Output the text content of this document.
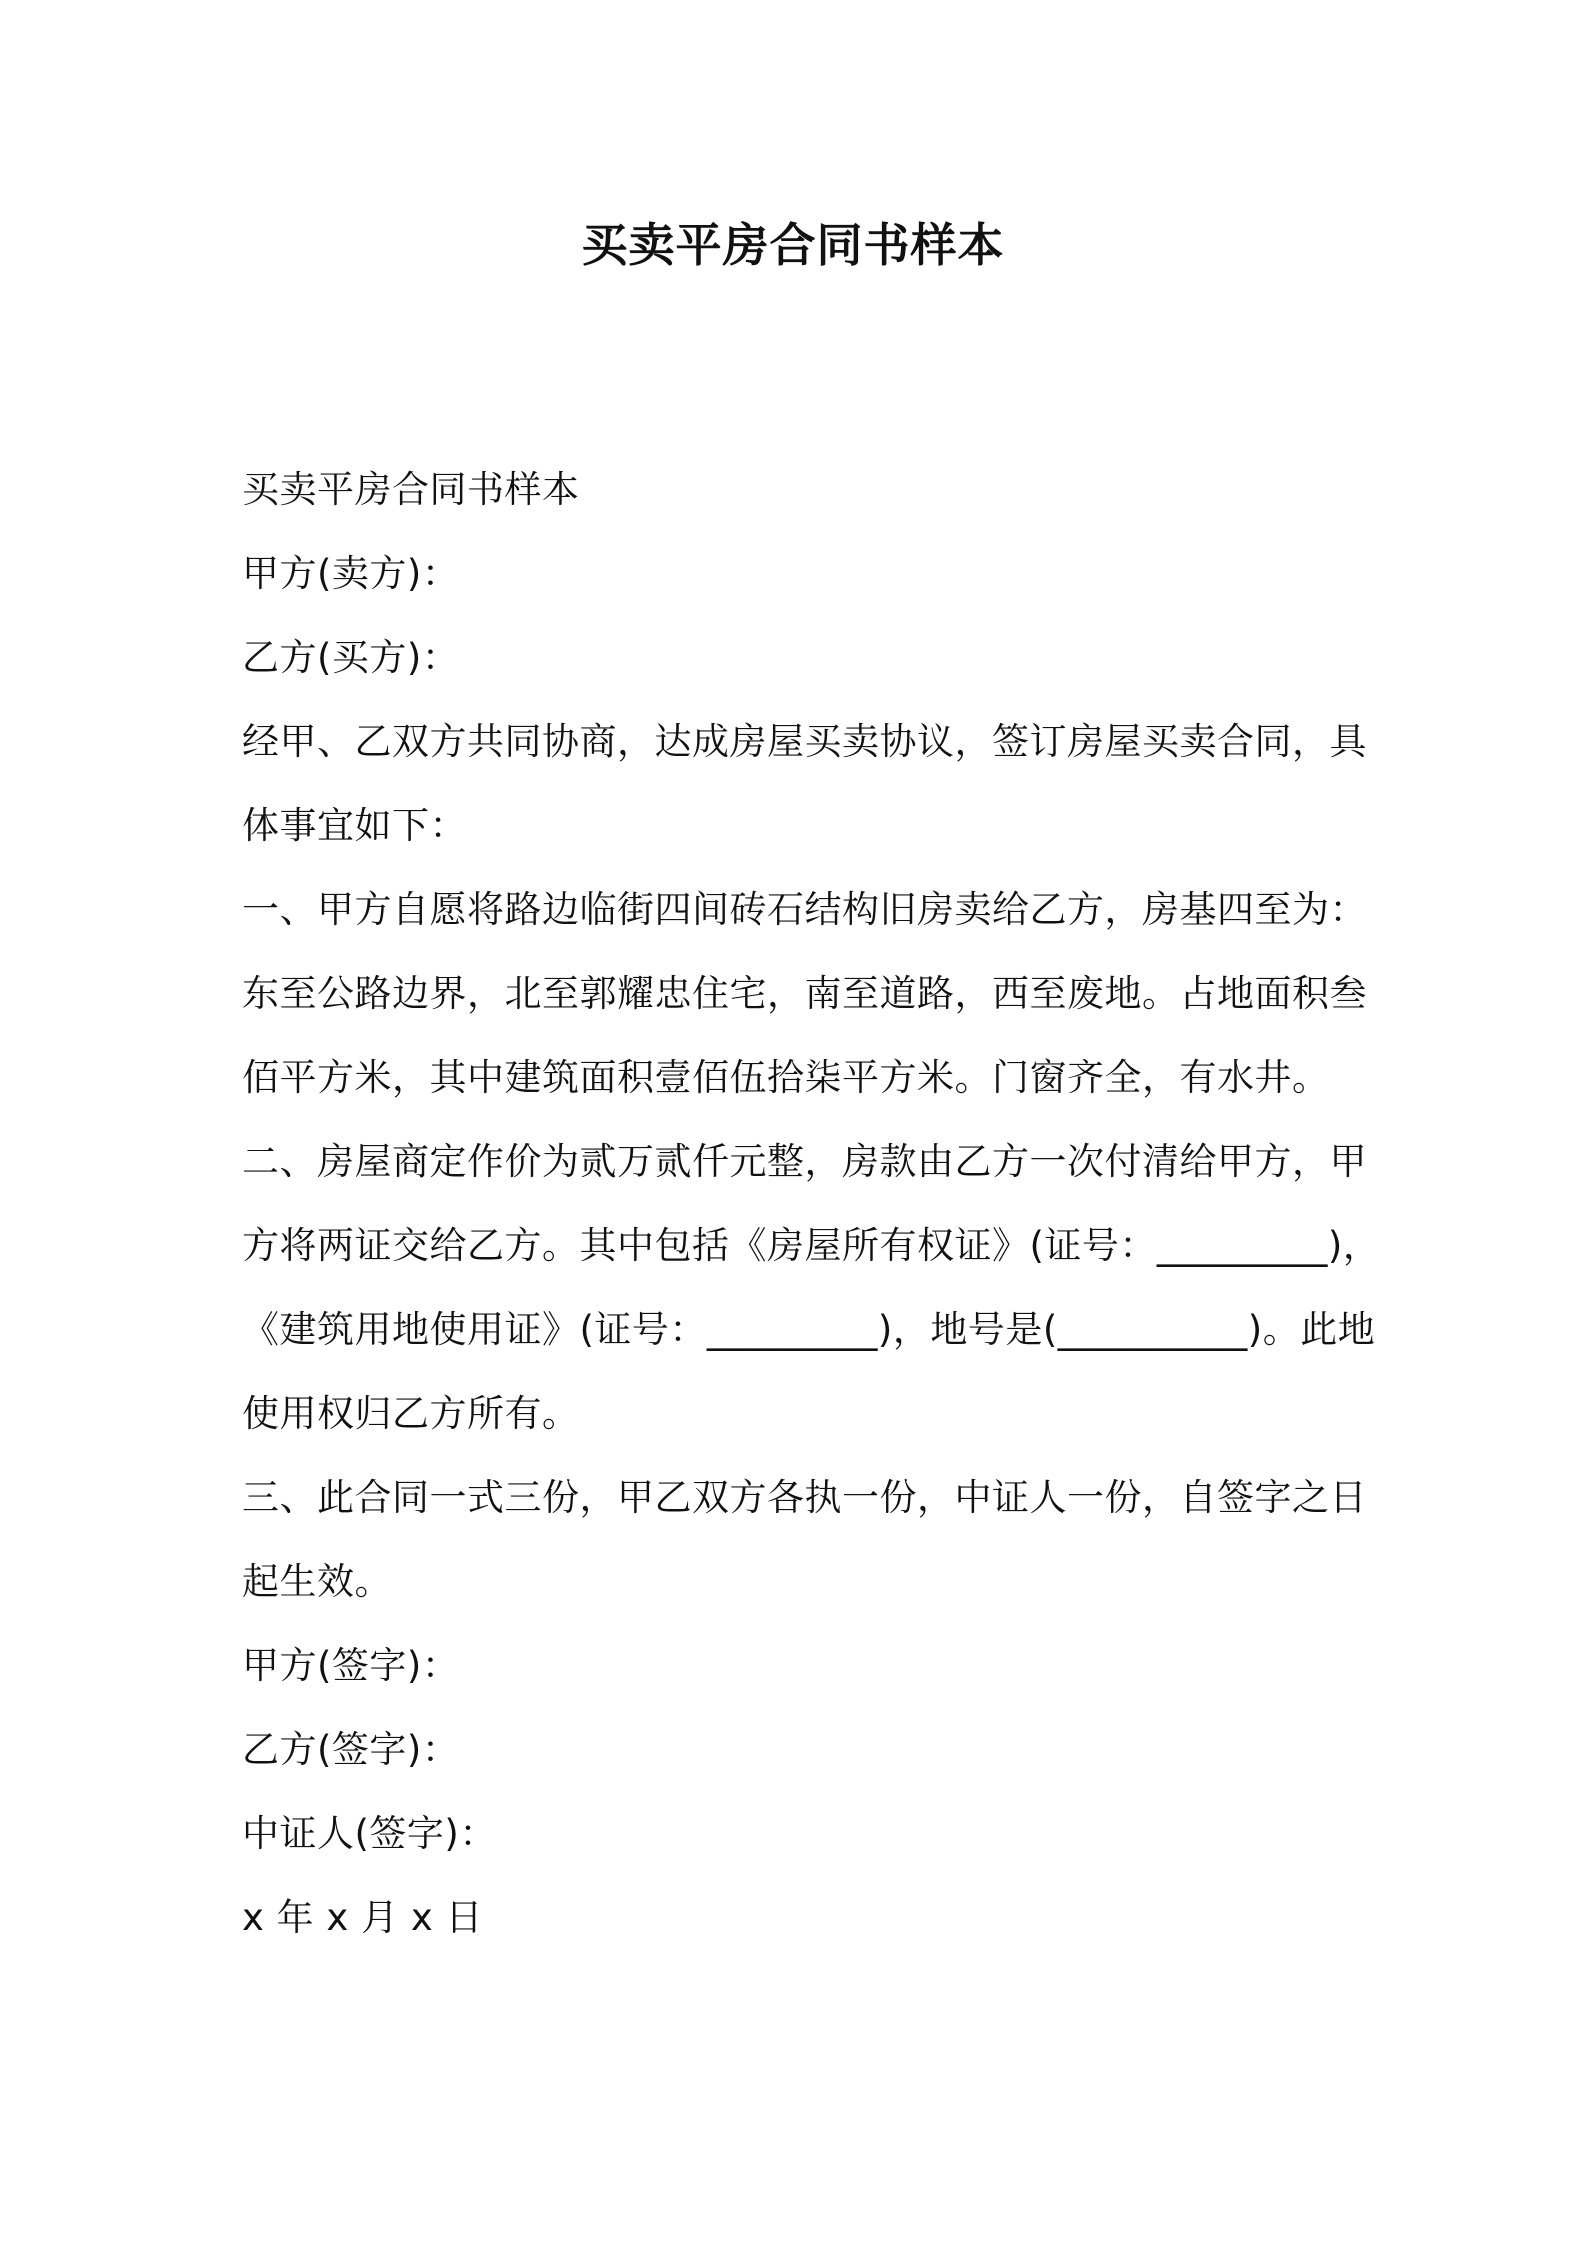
买卖平房合同书样本
买卖平房合同书样本
甲方(卖方)：
乙方(买方)：
经甲、乙双方共同协商，达成房屋买卖协议，签订房屋买卖合同，具
体事宜如下：
一、甲方自愿将路边临街四间砖石结构旧房卖给乙方，房基四至为：
东至公路边界，北至郭耀忠住宅，南至道路，西至废地。占地面积叁
佰平方米，其中建筑面积壹佰伍拾柒平方米。门窗齐全，有水井。
二、房屋商定作价为贰万贰仟元整，房款由乙方一次付清给甲方，甲
方将两证交给乙方。其中包括《房屋所有权证》(证号：_________)，
《建筑用地使用证》(证号：_________)，地号是(__________)。此地
使用权归乙方所有。
三、此合同一式三份，甲乙双方各执一份，中证人一份，自签字之日
起生效。
甲方(签字)：
乙方(签字)：
中证人(签字)：
x 年 x 月 x 日
